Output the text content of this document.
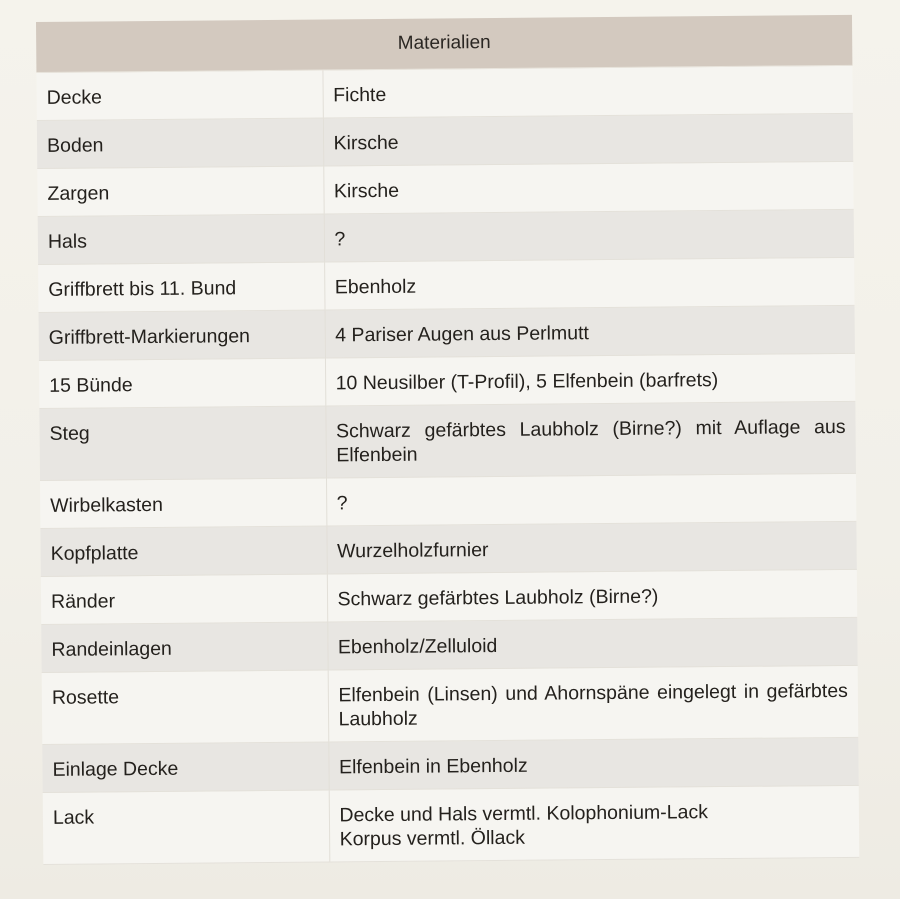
Materialien	
Decke	Fichte

Boden	Kirsche

Zargen	Kirsche

Hals	?

Griffbrett bis 11. Bund	Ebenholz

Griffbrett-Markierungen	4 Pariser Augen aus Perlmutt

15 Bünde	10 Neusilber (T-Profil), 5 Elfenbein (barfrets)

Steg	Schwarz gefärbtes Laubholz (Birne?) mit Auflage aus Elfenbein

Wirbelkasten	?

Kopfplatte	Wurzelholzfurnier

Ränder	Schwarz gefärbtes Laubholz (Birne?)

Randeinlagen	Ebenholz/Zelluloid

Rosette	Elfenbein (Linsen) und Ahornspäne eingelegt in gefärbtes Laubholz

Einlage Decke	Elfenbein in Ebenholz

Lack	Decke und Hals vermtl. Kolophonium-Lack
Korpus vermtl. Öllack
